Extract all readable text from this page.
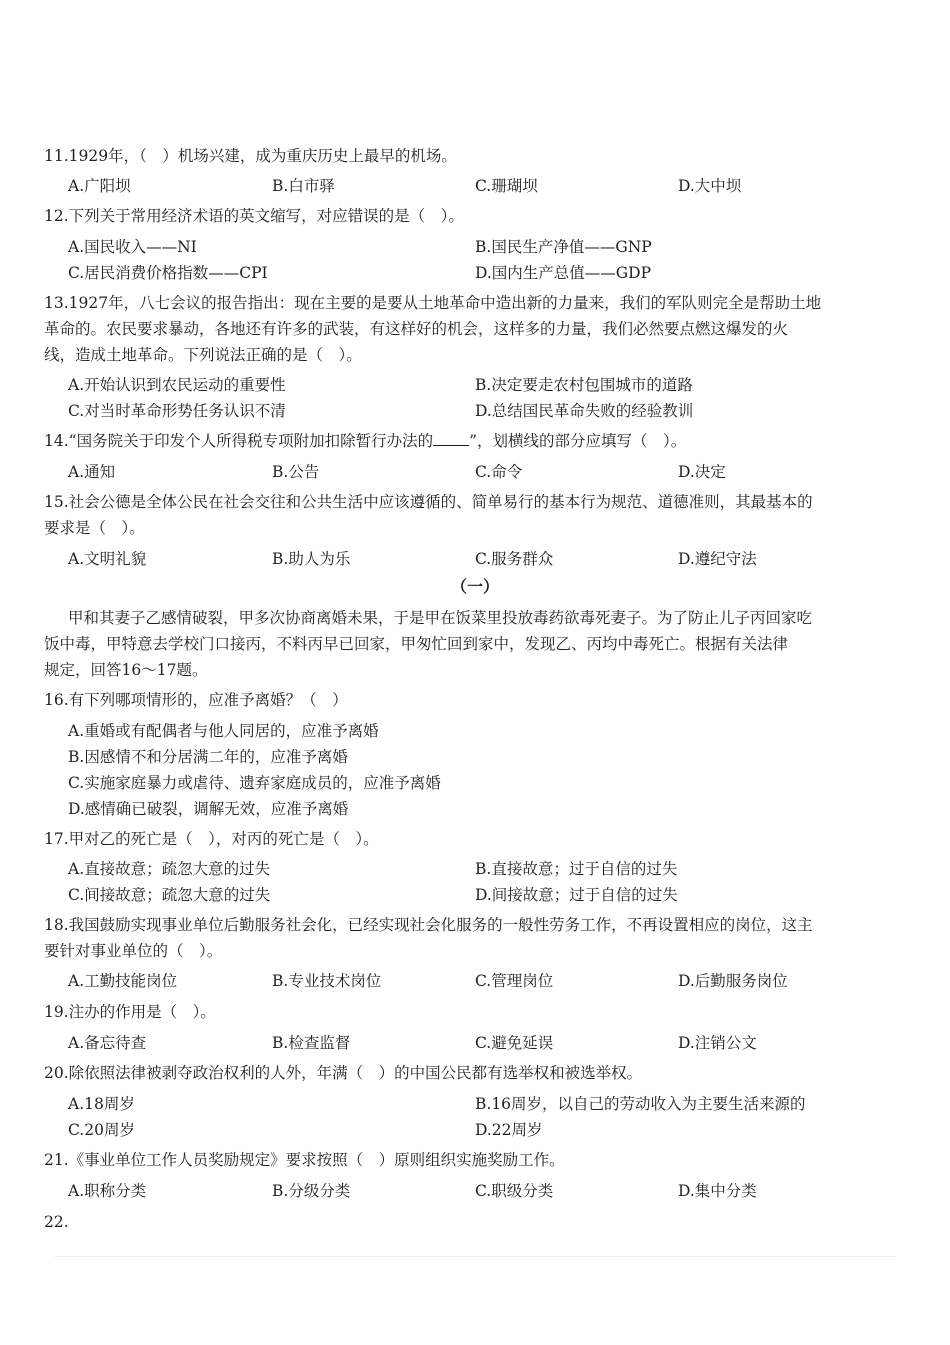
11.1929年，（　）机场兴建，成为重庆历史上最早的机场。
A.广阳坝	B.白市驿	C.珊瑚坝	D.大中坝
12.下列关于常用经济术语的英文缩写，对应错误的是（　）。
A.国民收入——NI	B.国民生产净值——GNP
C.居民消费价格指数——CPI	D.国内生产总值——GDP
13.1927年，八七会议的报告指出：现在主要的是要从土地革命中造出新的力量来，我们的军队则完全是帮助土地
革命的。农民要求暴动，各地还有许多的武装，有这样好的机会，这样多的力量，我们必然要点燃这爆发的火
线，造成土地革命。下列说法正确的是（　）。
A.开始认识到农民运动的重要性	B.决定要走农村包围城市的道路
C.对当时革命形势任务认识不清	D.总结国民革命失败的经验教训
14.“国务院关于印发个人所得税专项附加扣除暂行办法的 ”，划横线的部分应填写（　）。
A.通知	B.公告	C.命令	D.决定
15.社会公德是全体公民在社会交往和公共生活中应该遵循的、简单易行的基本行为规范、道德准则，其最基本的
要求是（　）。
A.文明礼貌	B.助人为乐	C.服务群众	D.遵纪守法
（一）
甲和其妻子乙感情破裂，甲多次协商离婚未果，于是甲在饭菜里投放毒药欲毒死妻子。为了防止儿子丙回家吃
饭中毒，甲特意去学校门口接丙，不料丙早已回家，甲匆忙回到家中，发现乙、丙均中毒死亡。根据有关法律
规定，回答16～17题。
16.有下列哪项情形的，应准予离婚？（　）
A.重婚或有配偶者与他人同居的，应准予离婚
B.因感情不和分居满二年的，应准予离婚
C.实施家庭暴力或虐待、遗弃家庭成员的，应准予离婚
D.感情确已破裂，调解无效，应准予离婚
17.甲对乙的死亡是（　），对丙的死亡是（　）。
A.直接故意；疏忽大意的过失	B.直接故意；过于自信的过失
C.间接故意；疏忽大意的过失	D.间接故意；过于自信的过失
18.我国鼓励实现事业单位后勤服务社会化，已经实现社会化服务的一般性劳务工作，不再设置相应的岗位，这主
要针对事业单位的（　）。
A.工勤技能岗位	B.专业技术岗位	C.管理岗位	D.后勤服务岗位
19.注办的作用是（　）。
A.备忘待查	B.检查监督	C.避免延误	D.注销公文
20.除依照法律被剥夺政治权利的人外，年满（　）的中国公民都有选举权和被选举权。
A.18周岁	B.16周岁，以自己的劳动收入为主要生活来源的
C.20周岁	D.22周岁
21.《事业单位工作人员奖励规定》要求按照（　）原则组织实施奖励工作。
A.职称分类	B.分级分类	C.职级分类	D.集中分类
22.
